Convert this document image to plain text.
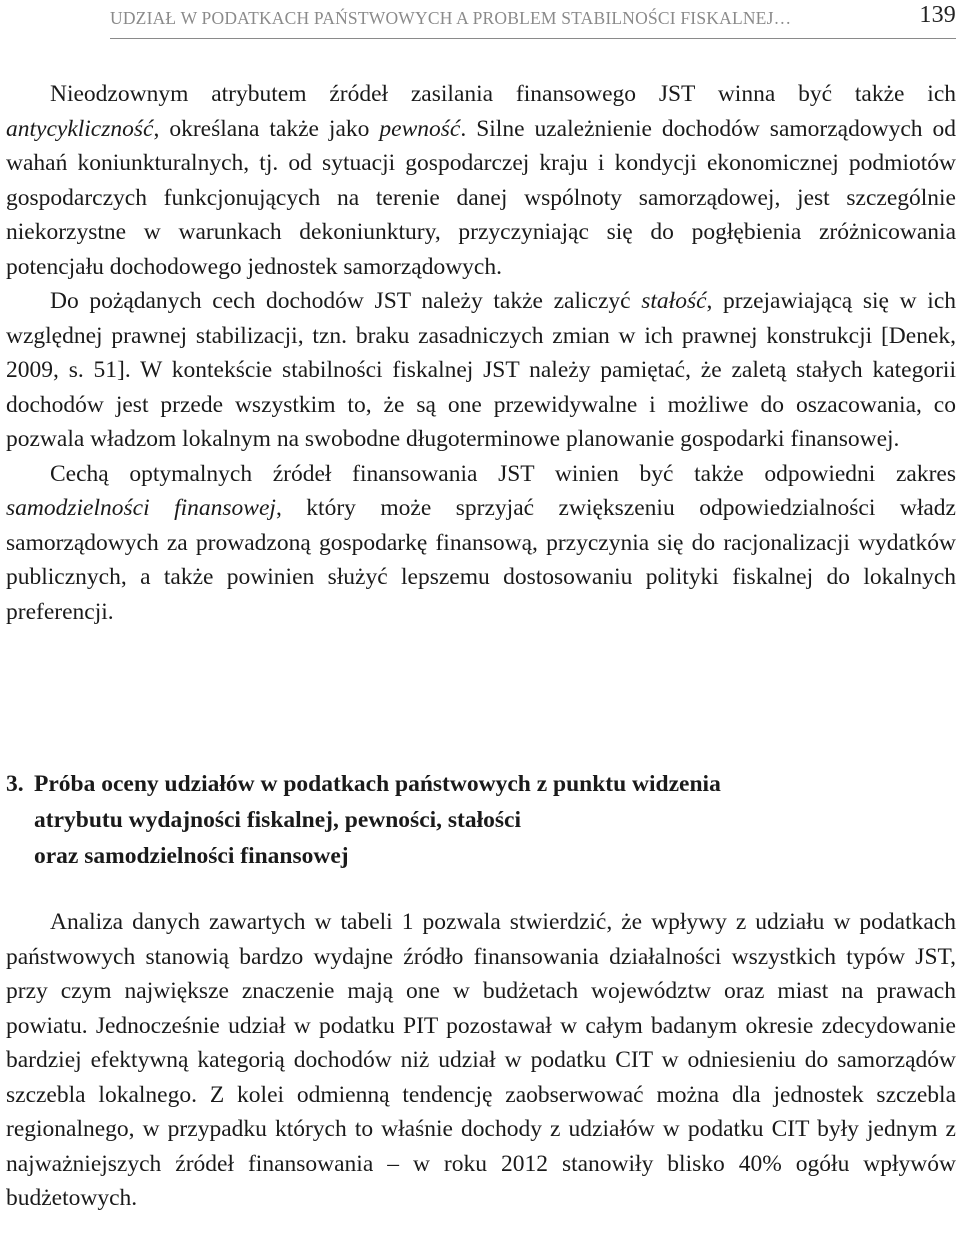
UDZIAŁ W PODATKACH PAŃSTWOWYCH A PROBLEM STABILNOŚCI FISKALNEJ…	139

Nieodzownym atrybutem źródeł zasilania finansowego JST winna być także ich antycykliczność, określana także jako pewność. Silne uzależnienie dochodów samorządowych od wahań koniunkturalnych, tj. od sytuacji gospodarczej kraju i kondycji ekonomicznej podmiotów gospodarczych funkcjonujących na terenie danej wspólnoty samorządowej, jest szczególnie niekorzystne w warunkach dekoniunktury, przyczyniając się do pogłębienia zróżnicowania potencjału dochodowego jednostek samorządowych.

Do pożądanych cech dochodów JST należy także zaliczyć stałość, przejawiającą się w ich względnej prawnej stabilizacji, tzn. braku zasadniczych zmian w ich prawnej konstrukcji [Denek, 2009, s. 51]. W kontekście stabilności fiskalnej JST należy pamiętać, że zaletą stałych kategorii dochodów jest przede wszystkim to, że są one przewidywalne i możliwe do oszacowania, co pozwala władzom lokalnym na swobodne długoterminowe planowanie gospodarki finansowej.

Cechą optymalnych źródeł finansowania JST winien być także odpowiedni zakres samodzielności finansowej, który może sprzyjać zwiększeniu odpowiedzialności władz samorządowych za prowadzoną gospodarkę finansową, przyczynia się do racjonalizacji wydatków publicznych, a także powinien służyć lepszemu dostosowaniu polityki fiskalnej do lokalnych preferencji.

3. Próba oceny udziałów w podatkach państwowych z punktu widzenia
atrybutu wydajności fiskalnej, pewności, stałości
oraz samodzielności finansowej

Analiza danych zawartych w tabeli 1 pozwala stwierdzić, że wpływy z udziału w podatkach państwowych stanowią bardzo wydajne źródło finansowania działalności wszystkich typów JST, przy czym największe znaczenie mają one w budżetach województw oraz miast na prawach powiatu. Jednocześnie udział w podatku PIT pozostawał w całym badanym okresie zdecydowanie bardziej efektywną kategorią dochodów niż udział w podatku CIT w odniesieniu do samorządów szczebla lokalnego. Z kolei odmienną tendencję zaobserwować można dla jednostek szczebla regionalnego, w przypadku których to właśnie dochody z udziałów w podatku CIT były jednym z najważniejszych źródeł finansowania – w roku 2012 stanowiły blisko 40% ogółu wpływów budżetowych.
